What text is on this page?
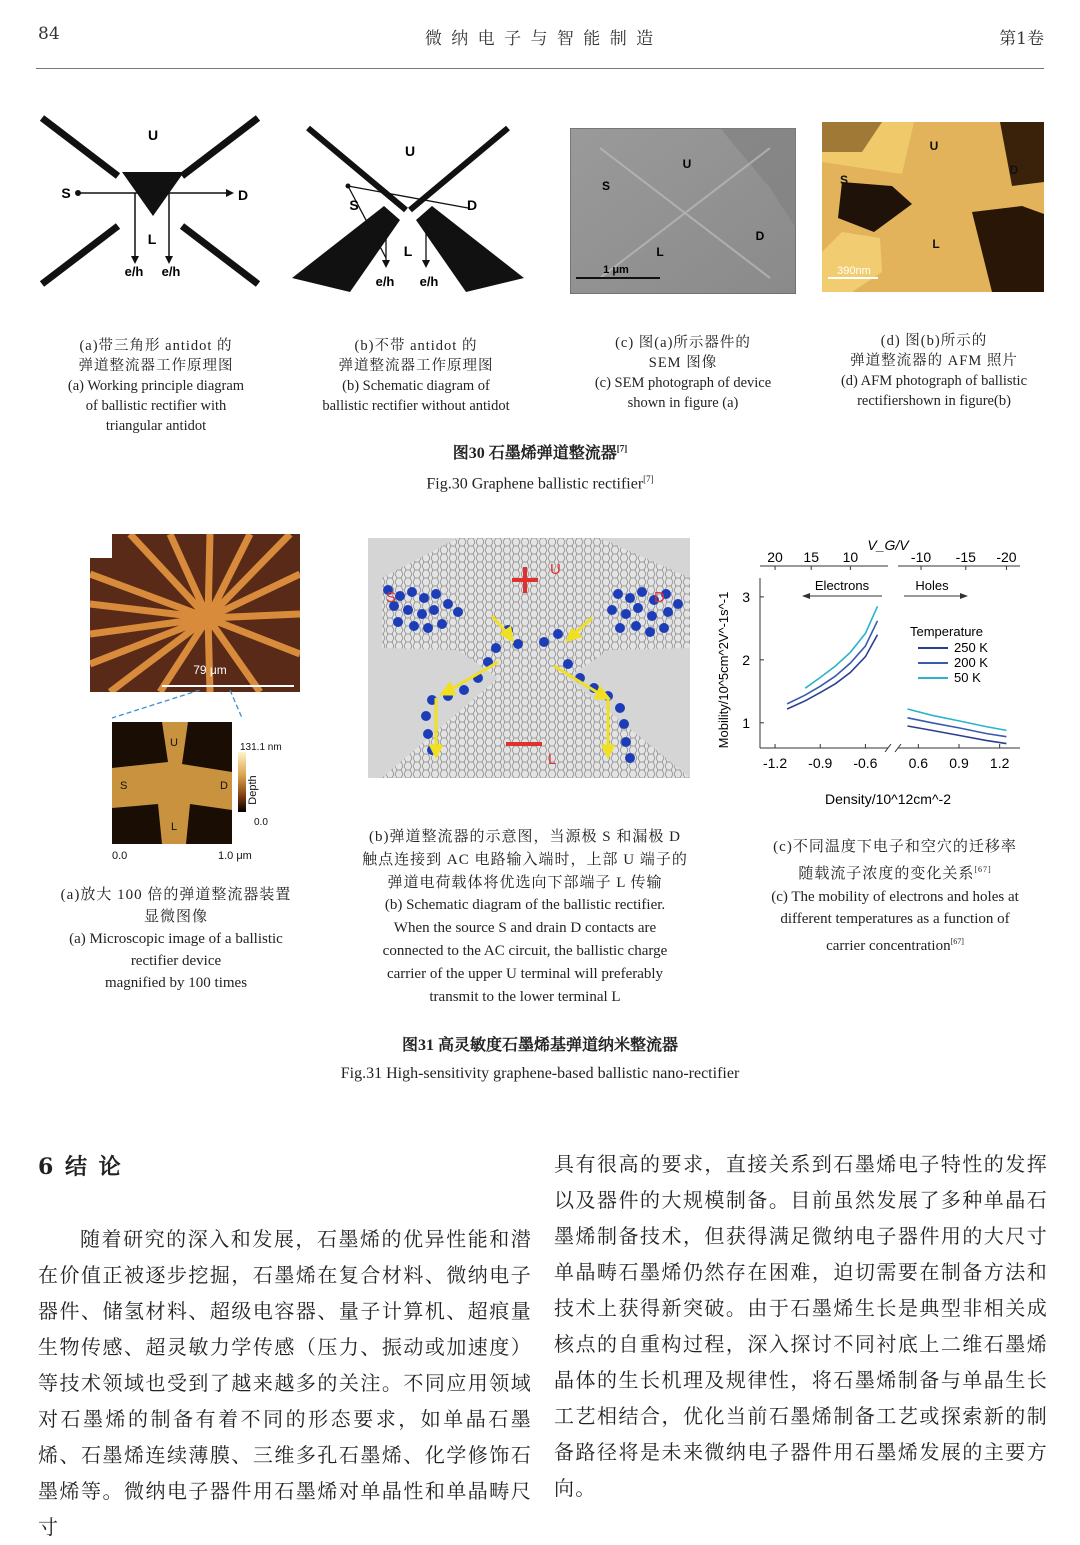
84	微 纳 电 子 与 智 能 制 造	第1卷
U
S	D
L
e/h e/h
U
S	D
L
e/h e/h
U
S
D
L
1 μm
U
S
D
L
390nm
(a)带三角形 antidot 的
弹道整流器工作原理图
(a) Working principle diagram
of ballistic rectifier with
triangular antidot
(b)不带 antidot 的
弹道整流器工作原理图
(b) Schematic diagram of
ballistic rectifier without antidot
(c) 图(a)所示器件的
SEM 图像
(c) SEM photograph of device
shown in figure (a)
(d) 图(b)所示的
弹道整流器的 AFM 照片
(d) AFM photograph of ballistic
rectifiershown in figure(b)
图30 石墨烯弹道整流器[7]
Fig.30 Graphene ballistic rectifier[7]
79 μm
U
S	D
L
131.1 nm
0.0
Depth
0.0	1.0 μm
U
S	D
L
V_G/V
20 15 10	-10 -15 -20
Electrons	Holes
Mobility/10^5cm^2V^-1s^-1	Temperature
250 K
200 K
50 K
-1.2 -0.9 -0.6 0.6 0.9 1.2
1
2
3
Density/10^12cm^-2
(a)放大 100 倍的弹道整流器装置
显微图像
(a) Microscopic image of a ballistic
rectifier device
magnified by 100 times
(b)弹道整流器的示意图，当源极 S 和漏极 D
触点连接到 AC 电路输入端时，上部 U 端子的
弹道电荷载体将优选向下部端子 L 传输
(b) Schematic diagram of the ballistic rectifier.
When the source S and drain D contacts are
connected to the AC circuit, the ballistic charge
carrier of the upper U terminal will preferably
transmit to the lower terminal L
(c)不同温度下电子和空穴的迁移率
随载流子浓度的变化关系[67]
(c) The mobility of electrons and holes at
different temperatures as a function of
carrier concentration[67]
图31 高灵敏度石墨烯基弹道纳米整流器
Fig.31 High-sensitivity graphene-based ballistic nano-rectifier
6 结 论

随着研究的深入和发展，石墨烯的优异性能和潜在价值正被逐步挖掘，石墨烯在复合材料、微纳电子器件、储氢材料、超级电容器、量子计算机、超痕量生物传感、超灵敏力学传感（压力、振动或加速度）等技术领域也受到了越来越多的关注。不同应用领域对石墨烯的制备有着不同的形态要求，如单晶石墨烯、石墨烯连续薄膜、三维多孔石墨烯、化学修饰石墨烯等。微纳电子器件用石墨烯对单晶性和单晶畴尺寸

具有很高的要求，直接关系到石墨烯电子特性的发挥以及器件的大规模制备。目前虽然发展了多种单晶石墨烯制备技术，但获得满足微纳电子器件用的大尺寸单晶畴石墨烯仍然存在困难，迫切需要在制备方法和技术上获得新突破。由于石墨烯生长是典型非相关成核点的自重构过程，深入探讨不同衬底上二维石墨烯晶体的生长机理及规律性，将石墨烯制备与单晶生长工艺相结合，优化当前石墨烯制备工艺或探索新的制备路径将是未来微纳电子器件用石墨烯发展的主要方向。
